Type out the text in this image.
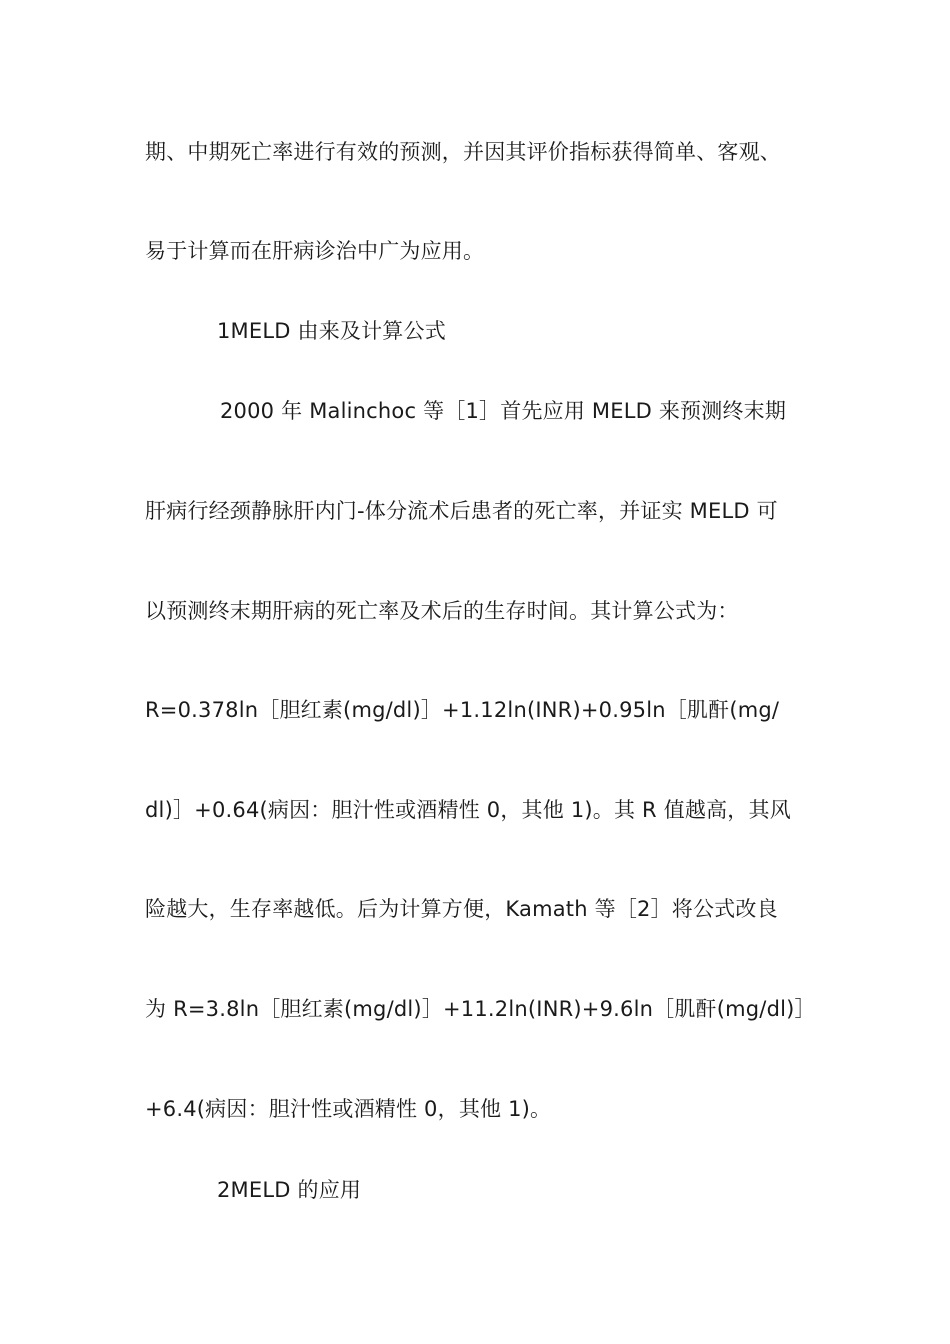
期、中期死亡率进行有效的预测，并因其评价指标获得简单、客观、
易于计算而在肝病诊治中广为应用。
1MELD 由来及计算公式
2000 年 Malinchoc 等［1］首先应用 MELD 来预测终末期
肝病行经颈静脉肝内门-体分流术后患者的死亡率，并证实 MELD 可
以预测终末期肝病的死亡率及术后的生存时间。其计算公式为：
R=0.378ln［胆红素(mg/dl)］+1.12ln(INR)+0.95ln［肌酐(mg/
dl)］+0.64(病因：胆汁性或酒精性 0，其他 1)。其 R 值越高，其风
险越大，生存率越低。后为计算方便，Kamath 等［2］将公式改良
为 R=3.8ln［胆红素(mg/dl)］+11.2ln(INR)+9.6ln［肌酐(mg/dl)］
+6.4(病因：胆汁性或酒精性 0，其他 1)。
2MELD 的应用
